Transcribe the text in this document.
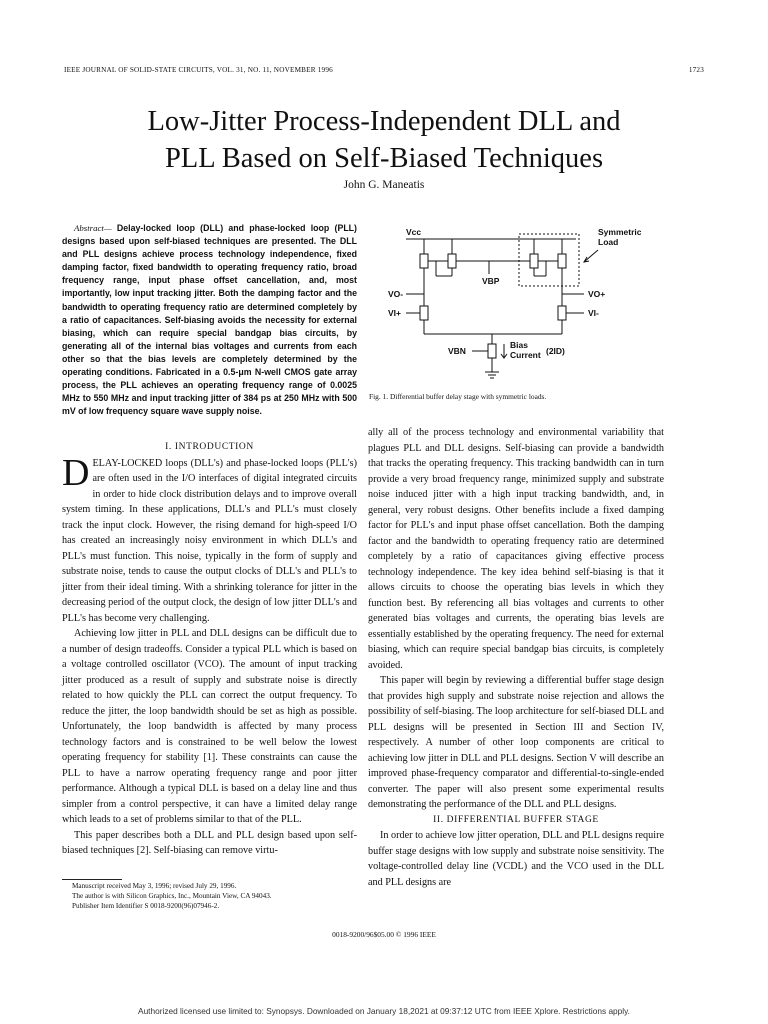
IEEE JOURNAL OF SOLID-STATE CIRCUITS, VOL. 31, NO. 11, NOVEMBER 1996	1723
Low-Jitter Process-Independent DLL and
PLL Based on Self-Biased Techniques
John G. Maneatis

Abstract— Delay-locked loop (DLL) and phase-locked loop (PLL) designs based upon self-biased techniques are presented. The DLL and PLL designs achieve process technology independence, fixed damping factor, fixed bandwidth to operating frequency ratio, broad frequency range, input phase offset cancellation, and, most importantly, low input tracking jitter. Both the damping factor and the bandwidth to operating frequency ratio are determined completely by a ratio of capacitances. Self-biasing avoids the necessity for external biasing, which can require special bandgap bias circuits, by generating all of the internal bias voltages and currents from each other so that the bias levels are completely determined by the operating conditions. Fabricated in a 0.5-μm N-well CMOS gate array process, the PLL achieves an operating frequency range of 0.0025 MHz to 550 MHz and input tracking jitter of 384 ps at 250 MHz with 500 mV of low frequency square wave supply noise.

I. INTRODUCTION

DELAY-LOCKED loops (DLL's) and phase-locked loops (PLL's) are often used in the I/O interfaces of digital integrated circuits in order to hide clock distribution delays and to improve overall system timing. In these applications, DLL's and PLL's must closely track the input clock. However, the rising demand for high-speed I/O has created an increasingly noisy environment in which DLL's and PLL's must function. This noise, typically in the form of supply and substrate noise, tends to cause the output clocks of DLL's and PLL's to jitter from their ideal timing. With a shrinking tolerance for jitter in the decreasing period of the output clock, the design of low jitter DLL's and PLL's has become very challenging.

Achieving low jitter in PLL and DLL designs can be difficult due to a number of design tradeoffs. Consider a typical PLL which is based on a voltage controlled oscillator (VCO). The amount of input tracking jitter produced as a result of supply and substrate noise is directly related to how quickly the PLL can correct the output frequency. To reduce the jitter, the loop bandwidth should be set as high as possible. Unfortunately, the loop bandwidth is affected by many process technology factors and is constrained to be well below the lowest operating frequency for stability [1]. These constraints can cause the PLL to have a narrow operating frequency range and poor jitter performance. Although a typical DLL is based on a delay line and thus simpler from a control perspective, it can have a limited delay range which leads to a set of problems similar to that of the PLL.

This paper describes both a DLL and PLL design based upon self-biased techniques [2]. Self-biasing can remove virtu-

Vcc	Symmetric
Load
VBP
VO-	VO+
VI+	VI-
VBN
Bias
Current (2ID)
Fig. 1. Differential buffer delay stage with symmetric loads.

ally all of the process technology and environmental variability that plagues PLL and DLL designs. Self-biasing can provide a bandwidth that tracks the operating frequency. This tracking bandwidth can in turn provide a very broad frequency range, minimized supply and substrate noise induced jitter with a high input tracking bandwidth, and, in general, very robust designs. Other benefits include a fixed damping factor for PLL's and input phase offset cancellation. Both the damping factor and the bandwidth to operating frequency ratio are determined completely by a ratio of capacitances giving effective process technology independence. The key idea behind self-biasing is that it allows circuits to choose the operating bias levels in which they function best. By referencing all bias voltages and currents to other generated bias voltages and currents, the operating bias levels are essentially established by the operating frequency. The need for external biasing, which can require special bandgap bias circuits, is completely avoided.

This paper will begin by reviewing a differential buffer stage design that provides high supply and substrate noise rejection and allows the possibility of self-biasing. The loop architecture for self-biased DLL and PLL designs will be presented in Section III and Section IV, respectively. A number of other loop components are critical to achieving low jitter in DLL and PLL designs. Section V will describe an improved phase-frequency comparator and differential-to-single-ended converter. The paper will also present some experimental results demonstrating the performance of the DLL and PLL designs.

II. DIFFERENTIAL BUFFER STAGE

In order to achieve low jitter operation, DLL and PLL designs require buffer stage designs with low supply and substrate noise sensitivity. The voltage-controlled delay line (VCDL) and the VCO used in the DLL and PLL designs are

Manuscript received May 3, 1996; revised July 29, 1996.
The author is with Silicon Graphics, Inc., Mountain View, CA 94043.
Publisher Item Identifier S 0018-9200(96)07946-2.
0018-9200/96$05.00 © 1996 IEEE
Authorized licensed use limited to: Synopsys. Downloaded on January 18,2021 at 09:37:12 UTC from IEEE Xplore. Restrictions apply.
